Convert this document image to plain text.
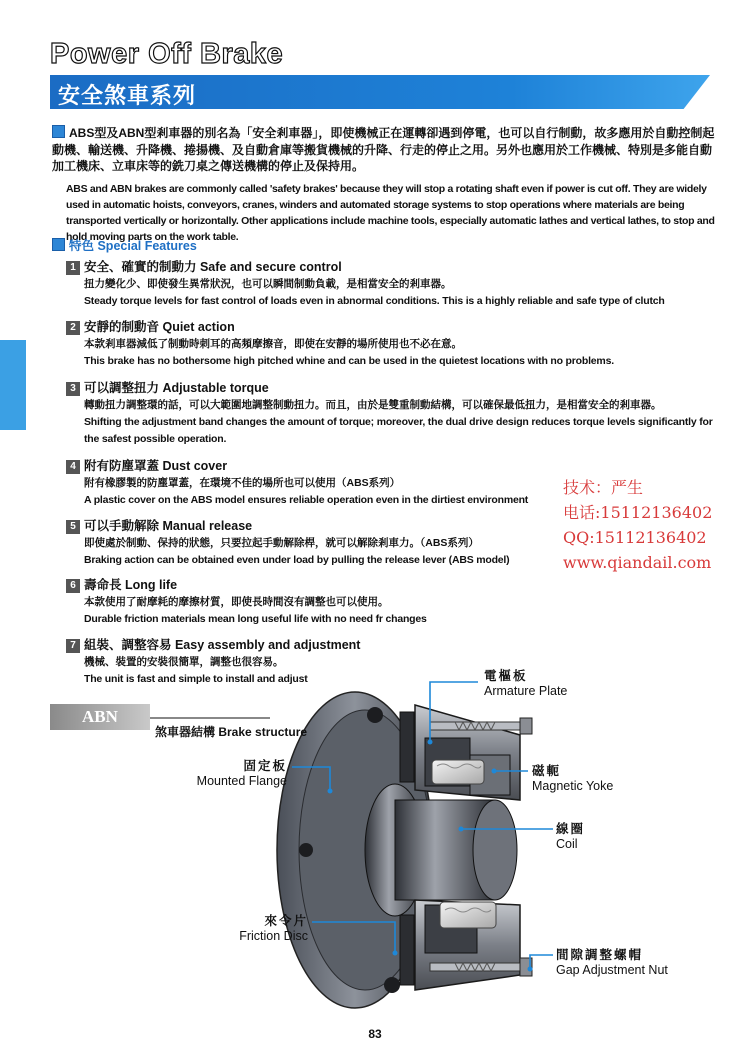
Power Off Brake
安全煞車系列
ABS型及ABN型剎車器的別名為「安全剎車器」，即使機械正在運轉卻遇到停電，也可以自行制動，故多應用於自動控制起動機、輸送機、升降機、捲揚機、及自動倉庫等搬貨機械的升降、行走的停止之用。另外也應用於工作機械、特別是多能自動加工機床、立車床等的銑刀桌之傳送機構的停止及保持用。
ABS and ABN brakes are commonly called 'safety brakes' because they will stop a rotating shaft even if power is cut off. They are widely used in automatic hoists, conveyors, cranes, winders and automated storage systems to stop operations where materials are being transported vertically or horizontally. Other applications include machine tools, especially automatic lathes and vertical lathes, to stop and hold moving parts on the work table.
特色 Special Features
1 安全、確實的制動力 Safe and secure control
扭力變化少、即使發生異常狀況，也可以瞬間制動負載，是相當安全的剎車器。
Steady torque levels for fast control of loads even in abnormal conditions. This is a highly reliable and safe type of clutch
2 安靜的制動音 Quiet action
本款剎車器減低了制動時刺耳的高頻摩擦音，即使在安靜的場所使用也不必在意。
This brake has no bothersome high pitched whine and can be used in the quietest locations with no problems.
3 可以調整扭力 Adjustable torque
轉動扭力調整環的話，可以大範圍地調整制動扭力。而且，由於是雙重制動結構，可以確保最低扭力，是相當安全的剎車器。
Shifting the adjustment band changes the amount of torque; moreover, the dual drive design reduces torque levels significantly for the safest possible operation.
4 附有防塵罩蓋 Dust cover
附有橡膠製的防塵罩蓋，在環境不佳的場所也可以使用（ABS系列）
A plastic cover on the ABS model ensures reliable operation even in the dirtiest environment
5 可以手動解除 Manual release
即使處於制動、保持的狀態，只要拉起手動解除桿，就可以解除剎車力。（ABS系列）
Braking action can be obtained even under load by pulling the release lever (ABS model)
6 壽命長 Long life
本款使用了耐摩耗的摩擦材質，即使長時間沒有調整也可以使用。
Durable friction materials mean long useful life with no need fr changes
7 組裝、調整容易 Easy assembly and adjustment
機械、裝置的安裝很簡單，調整也很容易。
The unit is fast and simple to install and adjust
技术：严生
电话:15112136402
QQ:15112136402
www.qiandail.com
ABN
煞車器結構 Brake structure
電樞板
Armature Plate
磁軛
Magnetic Yoke
線圈
Coil
固定板
Mounted Flange
來令片
Friction Disc
間隙調整螺帽
Gap Adjustment Nut
83
